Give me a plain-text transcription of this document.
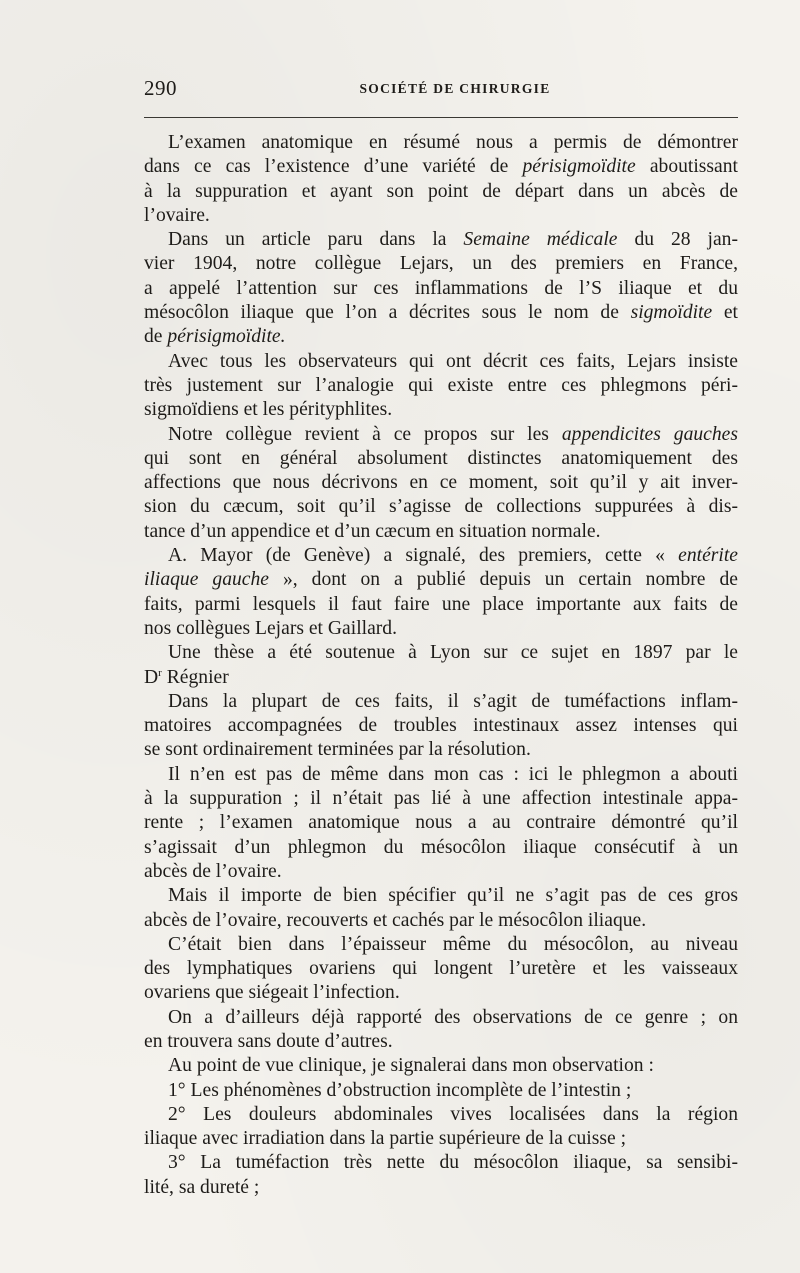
290	SOCIÉTÉ DE CHIRURGIE
L’examen anatomique en résumé nous a permis de démontrer
dans ce cas l’existence d’une variété de périsigmoïdite aboutissant
à la suppuration et ayant son point de départ dans un abcès de
l’ovaire.
Dans un article paru dans la Semaine médicale du 28 jan-
vier 1904, notre collègue Lejars, un des premiers en France,
a appelé l’attention sur ces inflammations de l’S iliaque et du
mésocôlon iliaque que l’on a décrites sous le nom de sigmoïdite et
de périsigmoïdite.
Avec tous les observateurs qui ont décrit ces faits, Lejars insiste
très justement sur l’analogie qui existe entre ces phlegmons péri-
sigmoïdiens et les pérityphlites.
Notre collègue revient à ce propos sur les appendicites gauches
qui sont en général absolument distinctes anatomiquement des
affections que nous décrivons en ce moment, soit qu’il y ait inver-
sion du cæcum, soit qu’il s’agisse de collections suppurées à dis-
tance d’un appendice et d’un cæcum en situation normale.
A. Mayor (de Genève) a signalé, des premiers, cette « entérite
iliaque gauche », dont on a publié depuis un certain nombre de
faits, parmi lesquels il faut faire une place importante aux faits de
nos collègues Lejars et Gaillard.
Une thèse a été soutenue à Lyon sur ce sujet en 1897 par le
$D^r$ Régnier
Dans la plupart de ces faits, il s’agit de tuméfactions inflam-
matoires accompagnées de troubles intestinaux assez intenses qui
se sont ordinairement terminées par la résolution.
Il n’en est pas de même dans mon cas : ici le phlegmon a abouti
à la suppuration ; il n’était pas lié à une affection intestinale appa-
rente ; l’examen anatomique nous a au contraire démontré qu’il
s’agissait d’un phlegmon du mésocôlon iliaque consécutif à un
abcès de l’ovaire.
Mais il importe de bien spécifier qu’il ne s’agit pas de ces gros
abcès de l’ovaire, recouverts et cachés par le mésocôlon iliaque.
C’était bien dans l’épaisseur même du mésocôlon, au niveau
des lymphatiques ovariens qui longent l’uretère et les vaisseaux
ovariens que siégeait l’infection.
On a d’ailleurs déjà rapporté des observations de ce genre ; on
en trouvera sans doute d’autres.
Au point de vue clinique, je signalerai dans mon observation :
1° Les phénomènes d’obstruction incomplète de l’intestin ;
2° Les douleurs abdominales vives localisées dans la région
iliaque avec irradiation dans la partie supérieure de la cuisse ;
3° La tuméfaction très nette du mésocôlon iliaque, sa sensibi-
lité, sa dureté ;
